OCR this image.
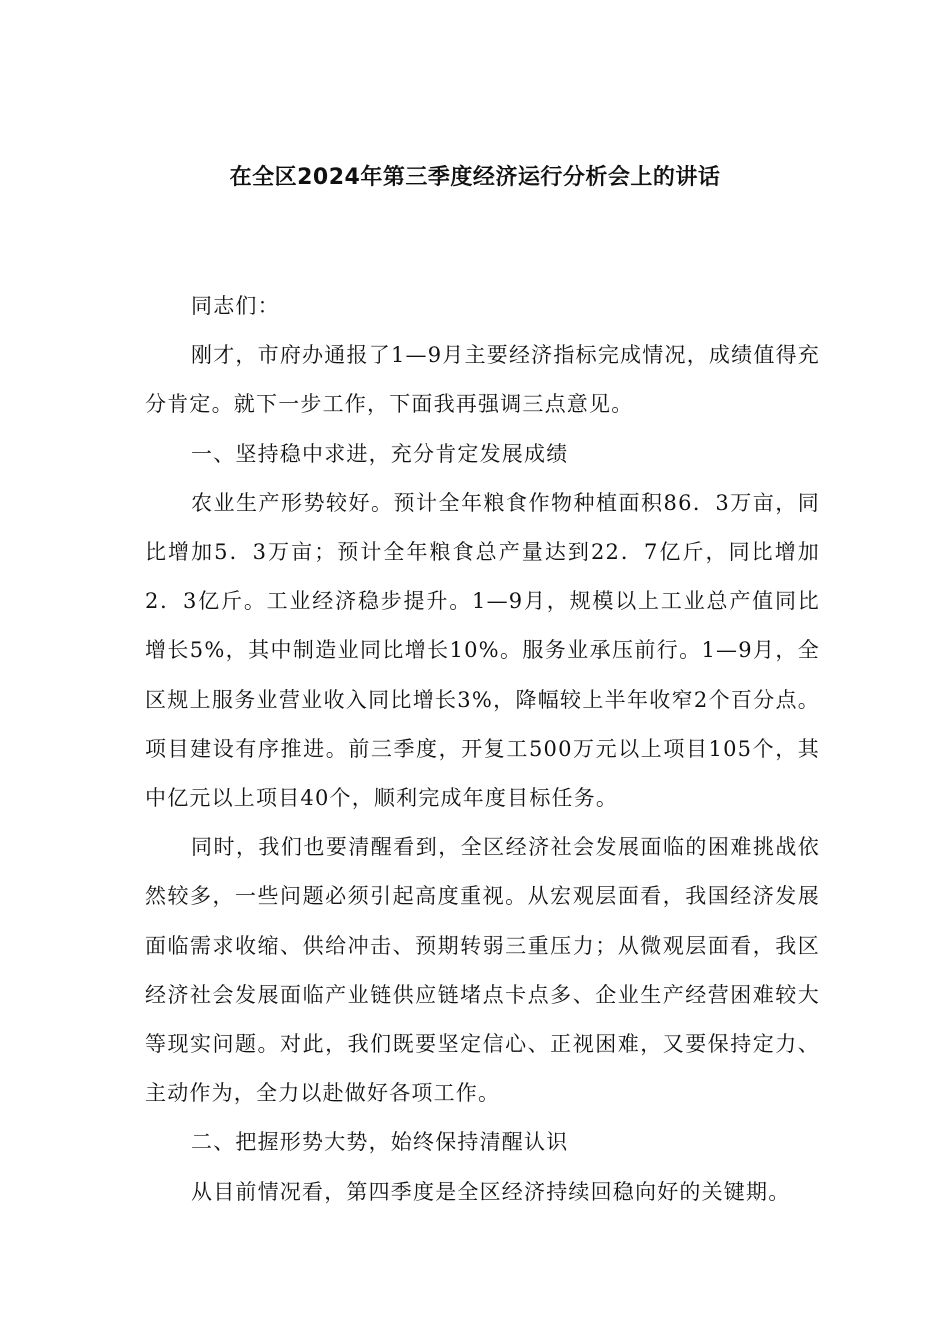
在全区2024年第三季度经济运行分析会上的讲话

同志们：

刚才，市府办通报了1—9月主要经济指标完成情况，成绩值得充分肯定。就下一步工作，下面我再强调三点意见。

一、坚持稳中求进，充分肯定发展成绩

农业生产形势较好。预计全年粮食作物种植面积86．3万亩，同比增加5．3万亩；预计全年粮食总产量达到22．7亿斤，同比增加2．3亿斤。工业经济稳步提升。1—9月，规模以上工业总产值同比增长5%，其中制造业同比增长10%。服务业承压前行。1—9月，全区规上服务业营业收入同比增长3%，降幅较上半年收窄2个百分点。项目建设有序推进。前三季度，开复工500万元以上项目105个，其中亿元以上项目40个，顺利完成年度目标任务。

同时，我们也要清醒看到，全区经济社会发展面临的困难挑战依然较多，一些问题必须引起高度重视。从宏观层面看，我国经济发展面临需求收缩、供给冲击、预期转弱三重压力；从微观层面看，我区经济社会发展面临产业链供应链堵点卡点多、企业生产经营困难较大等现实问题。对此，我们既要坚定信心、正视困难，又要保持定力、主动作为，全力以赴做好各项工作。

二、把握形势大势，始终保持清醒认识

从目前情况看，第四季度是全区经济持续回稳向好的关键期。
